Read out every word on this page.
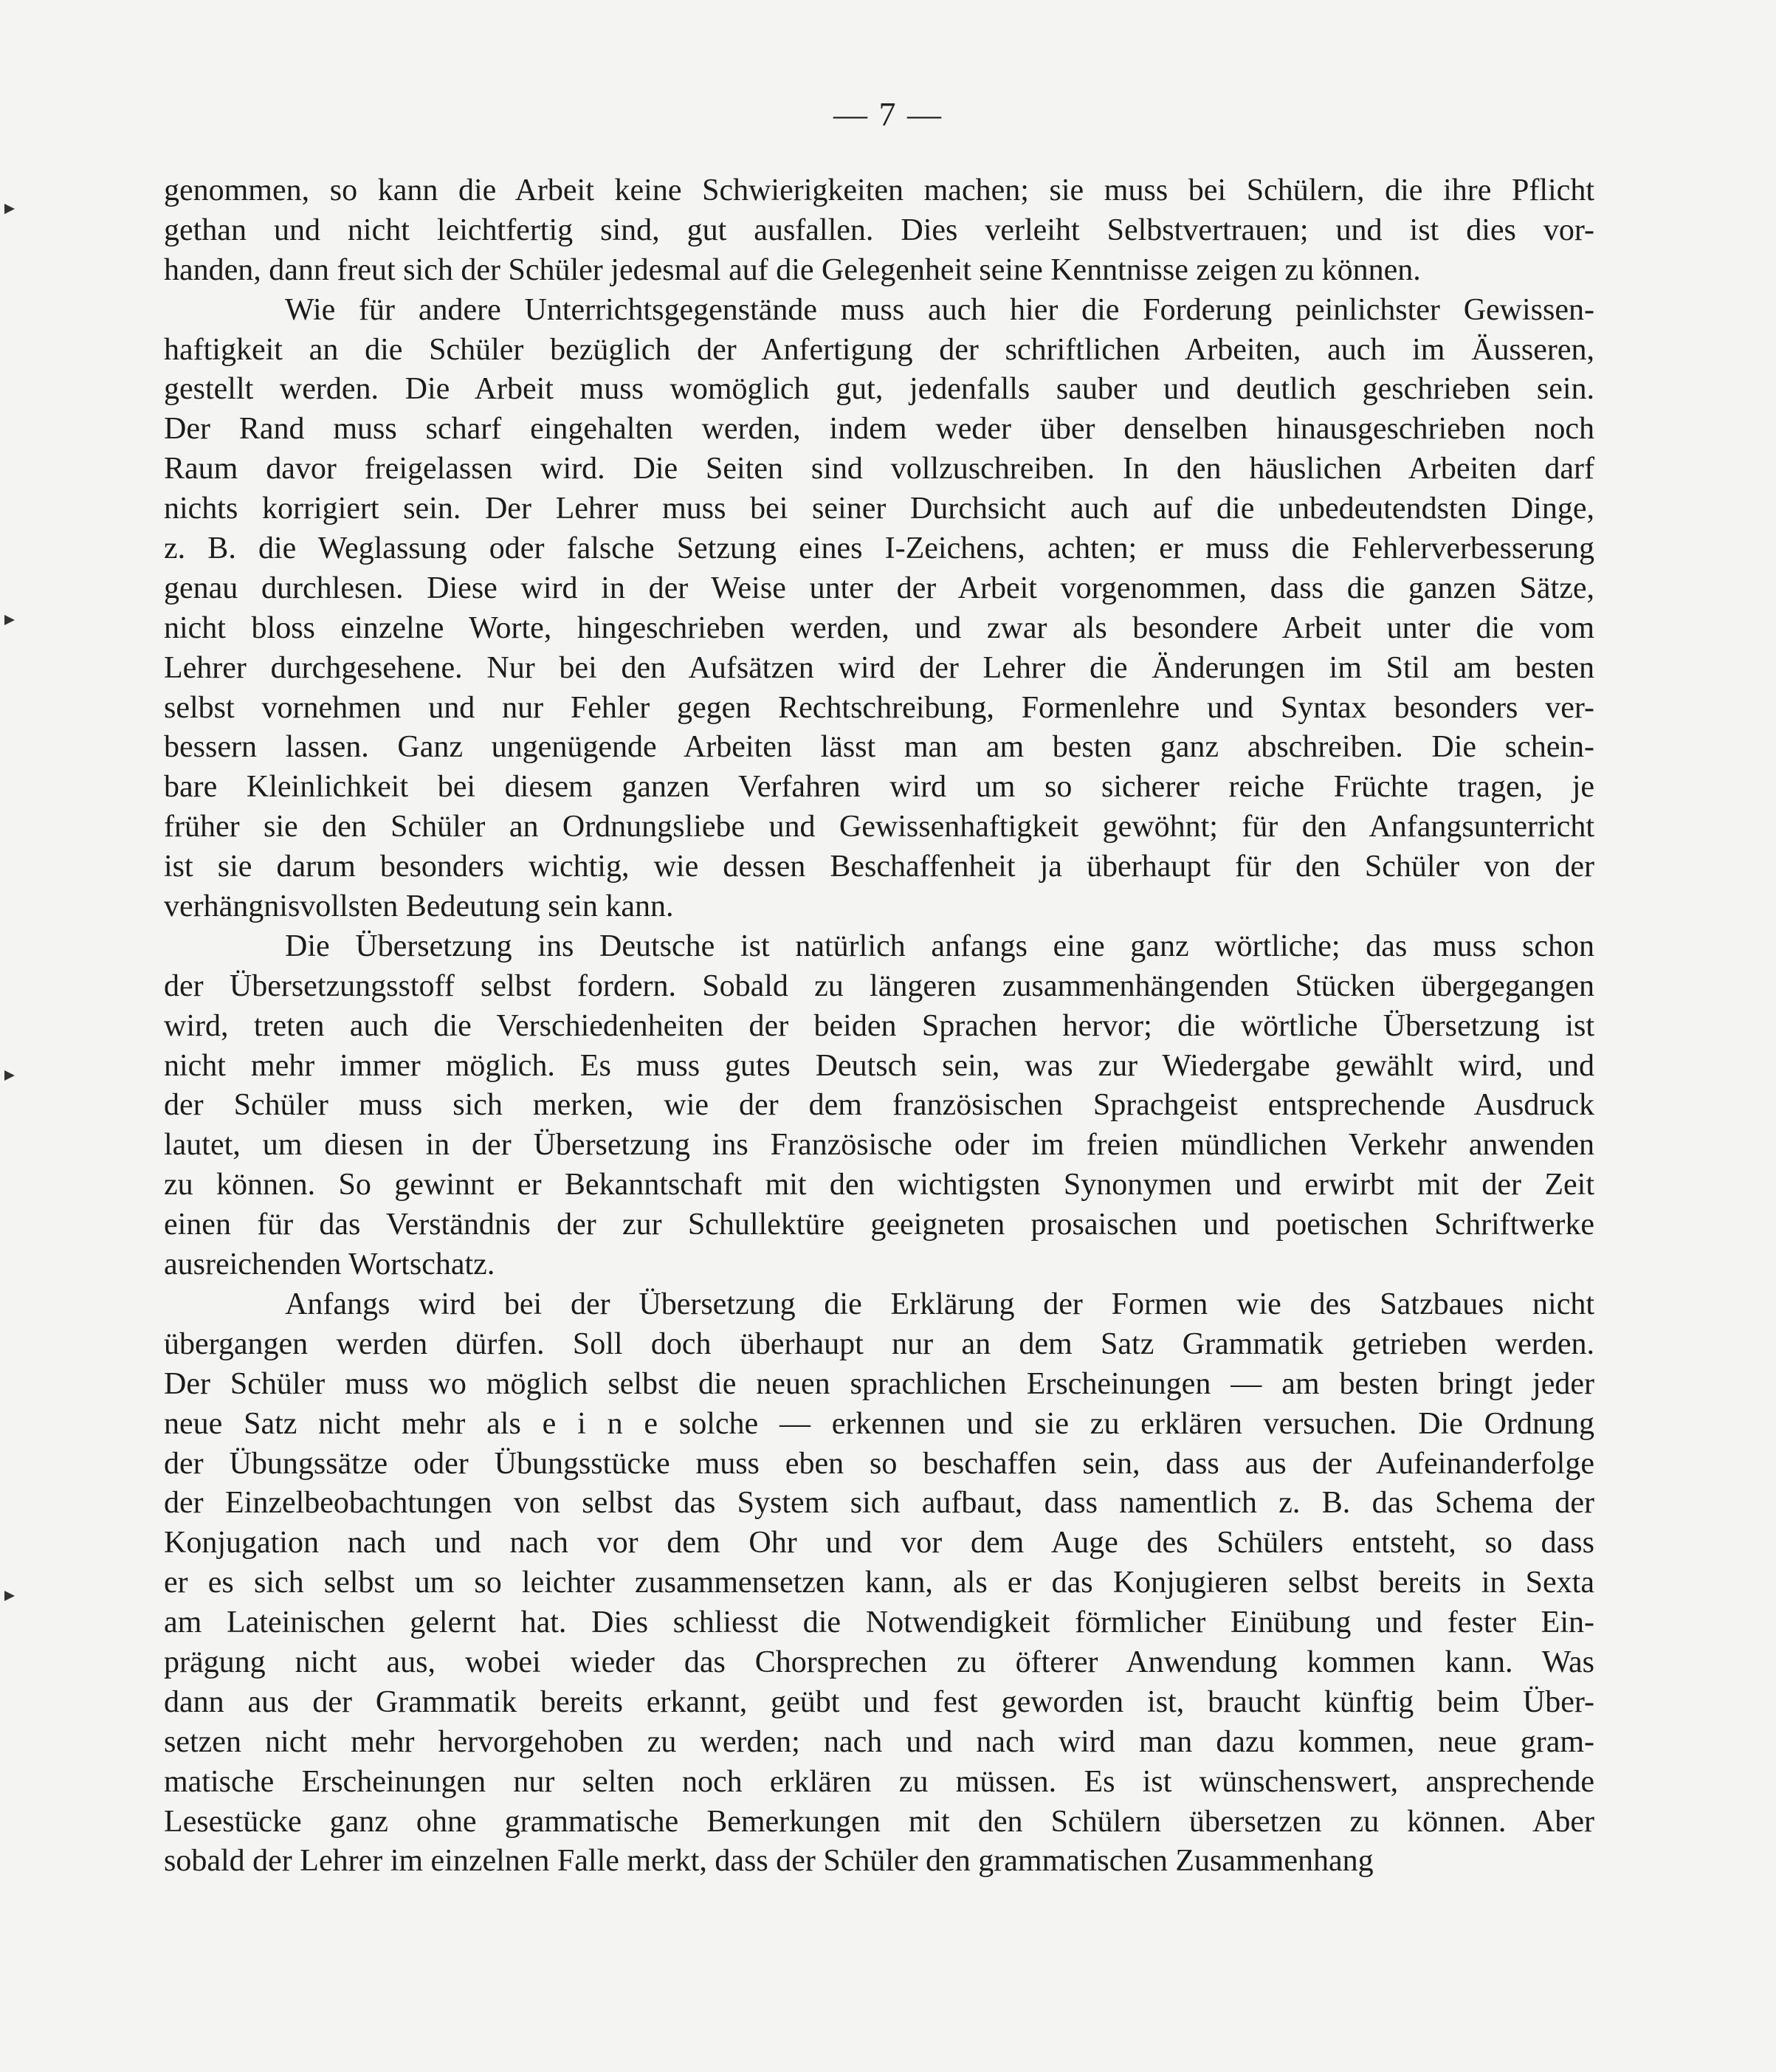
— 7 —
genommen, so kann die Arbeit keine Schwierigkeiten machen; sie muss bei Schülern, die ihre Pflicht
gethan und nicht leichtfertig sind, gut ausfallen. Dies verleiht Selbstvertrauen; und ist dies vor-
handen, dann freut sich der Schüler jedesmal auf die Gelegenheit seine Kenntnisse zeigen zu können.
Wie für andere Unterrichtsgegenstände muss auch hier die Forderung peinlichster Gewissen-
haftigkeit an die Schüler bezüglich der Anfertigung der schriftlichen Arbeiten, auch im Äusseren,
gestellt werden. Die Arbeit muss womöglich gut, jedenfalls sauber und deutlich geschrieben sein.
Der Rand muss scharf eingehalten werden, indem weder über denselben hinausgeschrieben noch
Raum davor freigelassen wird. Die Seiten sind vollzuschreiben. In den häuslichen Arbeiten darf
nichts korrigiert sein. Der Lehrer muss bei seiner Durchsicht auch auf die unbedeutendsten Dinge,
z. B. die Weglassung oder falsche Setzung eines I-Zeichens, achten; er muss die Fehlerverbesserung
genau durchlesen. Diese wird in der Weise unter der Arbeit vorgenommen, dass die ganzen Sätze,
nicht bloss einzelne Worte, hingeschrieben werden, und zwar als besondere Arbeit unter die vom
Lehrer durchgesehene. Nur bei den Aufsätzen wird der Lehrer die Änderungen im Stil am besten
selbst vornehmen und nur Fehler gegen Rechtschreibung, Formenlehre und Syntax besonders ver-
bessern lassen. Ganz ungenügende Arbeiten lässt man am besten ganz abschreiben. Die schein-
bare Kleinlichkeit bei diesem ganzen Verfahren wird um so sicherer reiche Früchte tragen, je
früher sie den Schüler an Ordnungsliebe und Gewissenhaftigkeit gewöhnt; für den Anfangsunterricht
ist sie darum besonders wichtig, wie dessen Beschaffenheit ja überhaupt für den Schüler von der
verhängnisvollsten Bedeutung sein kann.
Die Übersetzung ins Deutsche ist natürlich anfangs eine ganz wörtliche; das muss schon
der Übersetzungsstoff selbst fordern. Sobald zu längeren zusammenhängenden Stücken übergegangen
wird, treten auch die Verschiedenheiten der beiden Sprachen hervor; die wörtliche Übersetzung ist
nicht mehr immer möglich. Es muss gutes Deutsch sein, was zur Wiedergabe gewählt wird, und
der Schüler muss sich merken, wie der dem französischen Sprachgeist entsprechende Ausdruck
lautet, um diesen in der Übersetzung ins Französische oder im freien mündlichen Verkehr anwenden
zu können. So gewinnt er Bekanntschaft mit den wichtigsten Synonymen und erwirbt mit der Zeit
einen für das Verständnis der zur Schullektüre geeigneten prosaischen und poetischen Schriftwerke
ausreichenden Wortschatz.
Anfangs wird bei der Übersetzung die Erklärung der Formen wie des Satzbaues nicht
übergangen werden dürfen. Soll doch überhaupt nur an dem Satz Grammatik getrieben werden.
Der Schüler muss wo möglich selbst die neuen sprachlichen Erscheinungen — am besten bringt jeder
neue Satz nicht mehr als e i n e solche — erkennen und sie zu erklären versuchen. Die Ordnung
der Übungssätze oder Übungsstücke muss eben so beschaffen sein, dass aus der Aufeinanderfolge
der Einzelbeobachtungen von selbst das System sich aufbaut, dass namentlich z. B. das Schema der
Konjugation nach und nach vor dem Ohr und vor dem Auge des Schülers entsteht, so dass
er es sich selbst um so leichter zusammensetzen kann, als er das Konjugieren selbst bereits in Sexta
am Lateinischen gelernt hat. Dies schliesst die Notwendigkeit förmlicher Einübung und fester Ein-
prägung nicht aus, wobei wieder das Chorsprechen zu öfterer Anwendung kommen kann. Was
dann aus der Grammatik bereits erkannt, geübt und fest geworden ist, braucht künftig beim Über-
setzen nicht mehr hervorgehoben zu werden; nach und nach wird man dazu kommen, neue gram-
matische Erscheinungen nur selten noch erklären zu müssen. Es ist wünschenswert, ansprechende
Lesestücke ganz ohne grammatische Bemerkungen mit den Schülern übersetzen zu können. Aber
sobald der Lehrer im einzelnen Falle merkt, dass der Schüler den grammatischen Zusammenhang
